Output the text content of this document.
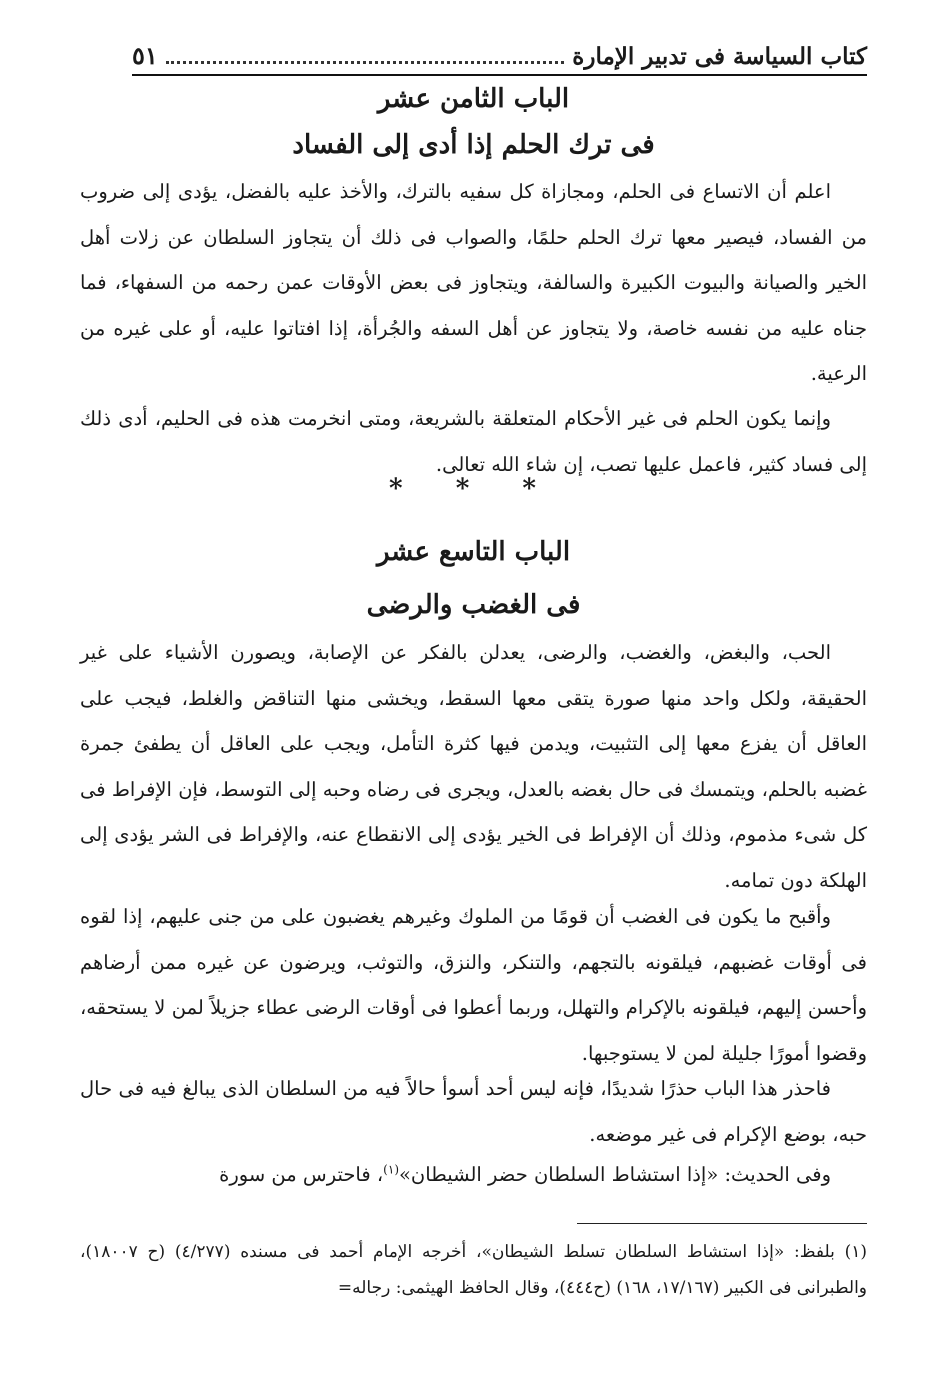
كتاب السياسة فى تدبير الإمارة
٥١
الباب الثامن عشر
فى ترك الحلم إذا أدى إلى الفساد

اعلم أن الاتساع فى الحلم، ومجازاة كل سفيه بالترك، والأخذ عليه بالفضل، يؤدى إلى ضروب من الفساد، فيصير معها ترك الحلم حلمًا، والصواب فى ذلك أن يتجاوز السلطان عن زلات أهل الخير والصيانة والبيوت الكبيرة والسالفة، ويتجاوز فى بعض الأوقات عمن رحمه من السفهاء، فما جناه عليه من نفسه خاصة، ولا يتجاوز عن أهل السفه والجُرأة، إذا افتاتوا عليه، أو على غيره من الرعية.

وإنما يكون الحلم فى غير الأحكام المتعلقة بالشريعة، ومتى انخرمت هذه فى الحليم، أدى ذلك إلى فساد كثير، فاعمل عليها تصب، إن شاء الله تعالى.

* * *
الباب التاسع عشر
فى الغضب والرضى

الحب، والبغض، والغضب، والرضى، يعدلن بالفكر عن الإصابة، ويصورن الأشياء على غير الحقيقة، ولكل واحد منها صورة يتقى معها السقط، ويخشى منها التناقض والغلط، فيجب على العاقل أن يفزع معها إلى التثبيت، ويدمن فيها كثرة التأمل، ويجب على العاقل أن يطفئ جمرة غضبه بالحلم، ويتمسك فى حال بغضه بالعدل، ويجرى فى رضاه وحبه إلى التوسط، فإن الإفراط فى كل شىء مذموم، وذلك أن الإفراط فى الخير يؤدى إلى الانقطاع عنه، والإفراط فى الشر يؤدى إلى الهلكة دون تمامه.

وأقبح ما يكون فى الغضب أن قومًا من الملوك وغيرهم يغضبون على من جنى عليهم، إذا لقوه فى أوقات غضبهم، فيلقونه بالتجهم، والتنكر، والنزق، والتوثب، ويرضون عن غيره ممن أرضاهم وأحسن إليهم، فيلقونه بالإكرام والتهلل، وربما أعطوا فى أوقات الرضى عطاء جزيلاً لمن لا يستحقه، وقضوا أمورًا جليلة لمن لا يستوجبها.

فاحذر هذا الباب حذرًا شديدًا، فإنه ليس أحد أسوأ حالاً فيه من السلطان الذى يبالغ فيه فى حال حبه، بوضع الإكرام فى غير موضعه.

وفى الحديث: «إذا استشاط السلطان حضر الشيطان»$^{(١)}$، فاحترس من سورة

(١) بلفظ: «إذا استشاط السلطان تسلط الشيطان»، أخرجه الإمام أحمد فى مسنده (٤/٢٧٧) (ح ١٨٠٠٧)، والطبرانى فى الكبير (١٧/١٦٧، ١٦٨) (ح٤٤٤)، وقال الحافظ الهيثمى: رجاله=
